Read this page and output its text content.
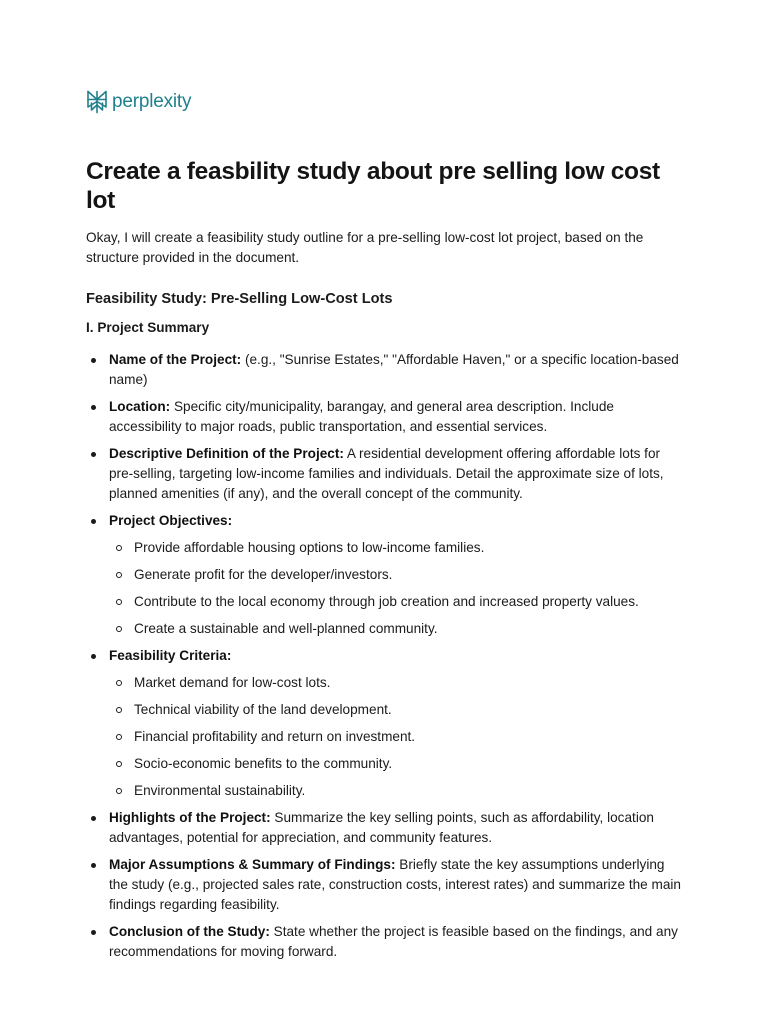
perplexity
Create a feasbility study about pre selling low cost lot

Okay, I will create a feasibility study outline for a pre-selling low-cost lot project, based on the structure provided in the document.

Feasibility Study: Pre-Selling Low-Cost Lots
I. Project Summary
Name of the Project: (e.g., "Sunrise Estates," "Affordable Haven," or a specific location-based name)
Location: Specific city/municipality, barangay, and general area description. Include accessibility to major roads, public transportation, and essential services.
Descriptive Definition of the Project: A residential development offering affordable lots for pre-selling, targeting low-income families and individuals. Detail the approximate size of lots, planned amenities (if any), and the overall concept of the community.
Project Objectives:
Provide affordable housing options to low-income families.
Generate profit for the developer/investors.
Contribute to the local economy through job creation and increased property values.
Create a sustainable and well-planned community.
Feasibility Criteria:
Market demand for low-cost lots.
Technical viability of the land development.
Financial profitability and return on investment.
Socio-economic benefits to the community.
Environmental sustainability.
Highlights of the Project: Summarize the key selling points, such as affordability, location advantages, potential for appreciation, and community features.
Major Assumptions & Summary of Findings: Briefly state the key assumptions underlying the study (e.g., projected sales rate, construction costs, interest rates) and summarize the main findings regarding feasibility.
Conclusion of the Study: State whether the project is feasible based on the findings, and any recommendations for moving forward.
